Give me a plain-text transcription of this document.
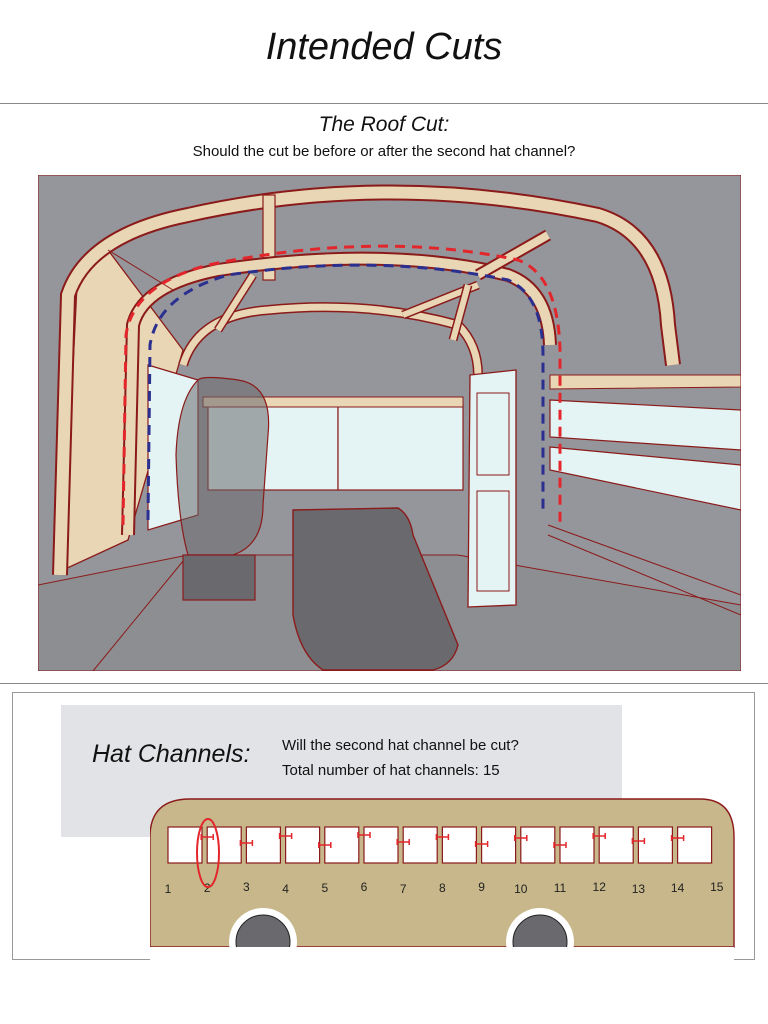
Intended Cuts
The Roof Cut:
Should the cut be before or after the second hat channel?
Hat Channels: Will the second hat channel be cut?
Total number of hat channels: 15
1	2	3	4	5	6	7	8	9 10 11 12 13 14 15
